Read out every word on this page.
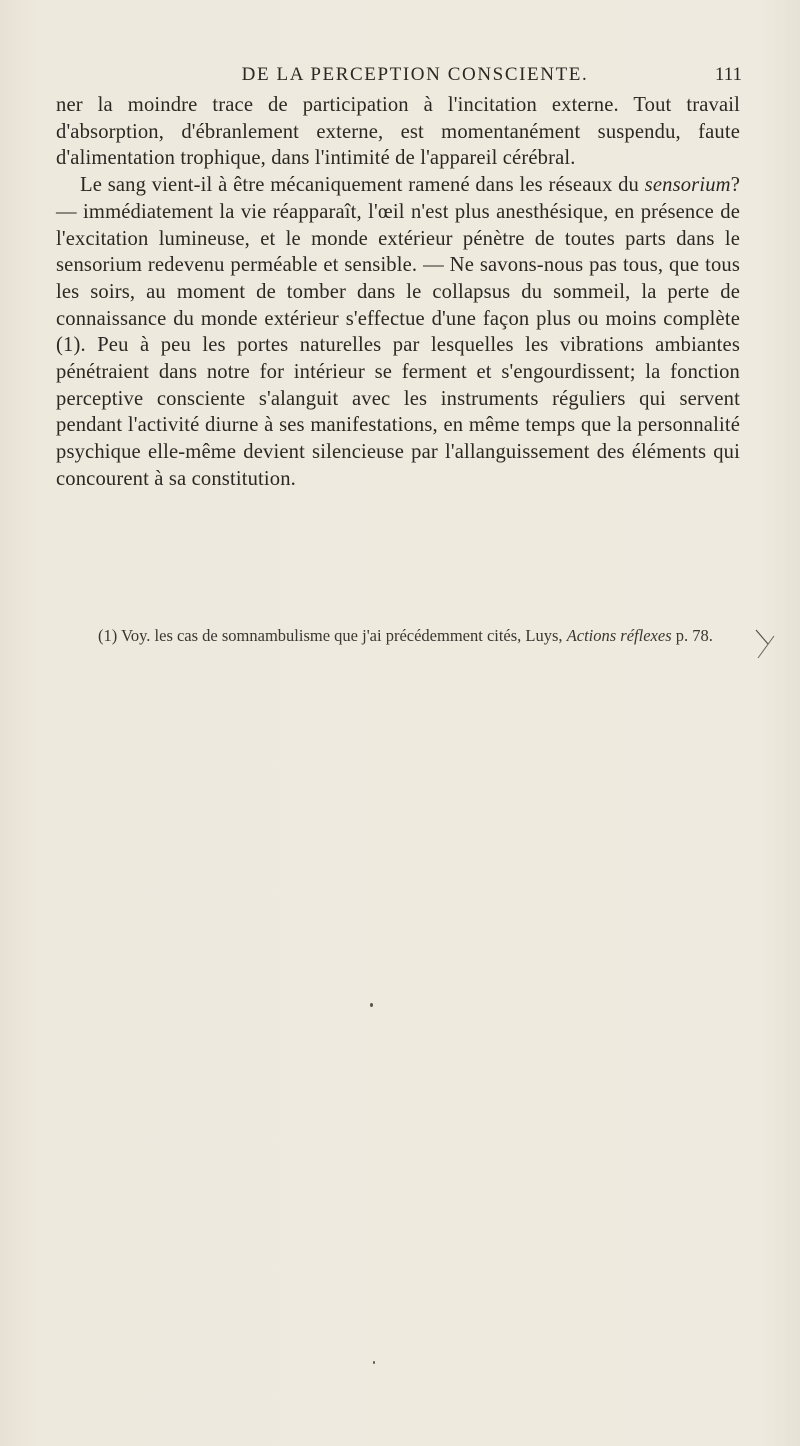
DE LA PERCEPTION CONSCIENTE.	111

ner la moindre trace de participation à l'incitation externe. Tout travail d'absorption, d'ébranlement externe, est momentanément suspendu, faute d'alimentation trophique, dans l'intimité de l'appareil cérébral.

Le sang vient-il à être mécaniquement ramené dans les réseaux du sensorium? — immédiatement la vie réapparaît, l'œil n'est plus anesthésique, en présence de l'excitation lumineuse, et le monde extérieur pénètre de toutes parts dans le sensorium redevenu perméable et sensible. — Ne savons-nous pas tous, que tous les soirs, au moment de tomber dans le collapsus du sommeil, la perte de connaissance du monde extérieur s'effectue d'une façon plus ou moins complète (1). Peu à peu les portes naturelles par lesquelles les vibrations ambiantes pénétraient dans notre for intérieur se ferment et s'engourdissent; la fonction perceptive consciente s'alanguit avec les instruments réguliers qui servent pendant l'activité diurne à ses manifestations, en même temps que la personnalité psychique elle-même devient silencieuse par l'allanguissement des éléments qui concourent à sa constitution.

(1) Voy. les cas de somnambulisme que j'ai précédemment cités, Luys, Actions réflexes p. 78.
